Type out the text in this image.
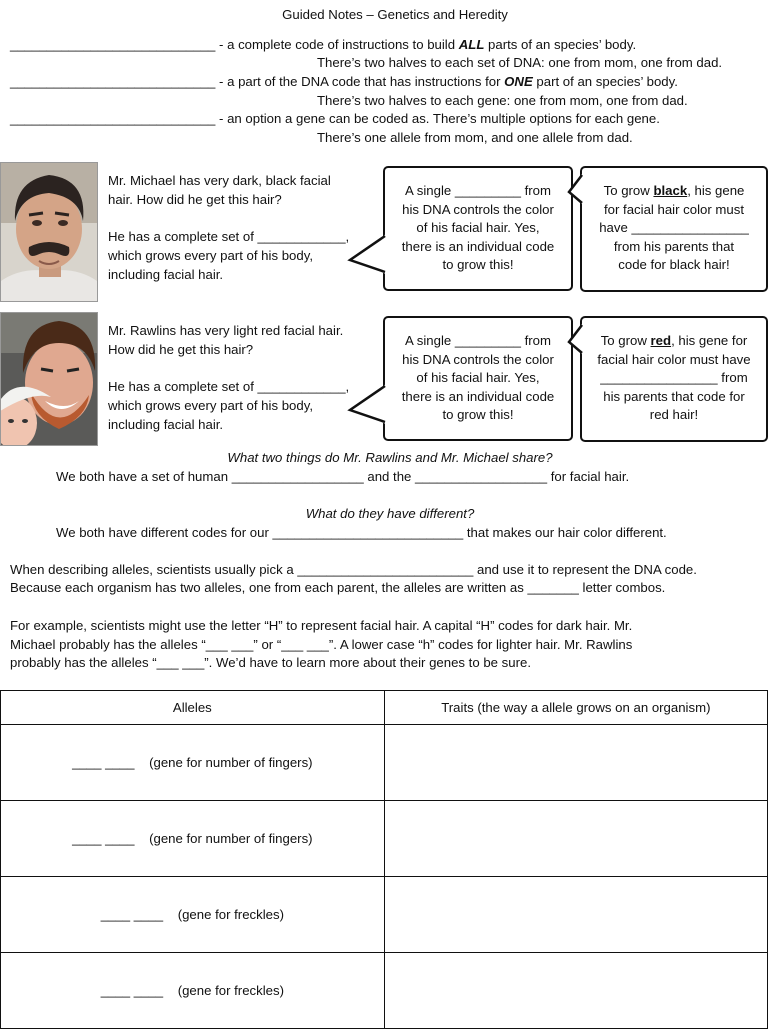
Guided Notes – Genetics and Heredity
____________________________ - a complete code of instructions to build ALL parts of an species’ body.
There’s two halves to each set of DNA: one from mom, one from dad.
____________________________ - a part of the DNA code that has instructions for ONE part of an species’ body.
There’s two halves to each gene: one from mom, one from dad.
____________________________ - an option a gene can be coded as. There’s multiple options for each gene.
There’s one allele from mom, and one allele from dad.
Mr. Michael has very dark, black facial
hair. How did he get this hair?
He has a complete set of ____________,
which grows every part of his body,
including facial hair.
A single _________ from
his DNA controls the color
of his facial hair. Yes,
there is an individual code
to grow this!
To grow black, his gene
for facial hair color must
have ________________
from his parents that
code for black hair!
Mr. Rawlins has very light red facial hair.
How did he get this hair?
He has a complete set of ____________,
which grows every part of his body,
including facial hair.
A single _________ from
his DNA controls the color
of his facial hair. Yes,
there is an individual code
to grow this!
To grow red, his gene for
facial hair color must have
________________ from
his parents that code for
red hair!
What two things do Mr. Rawlins and Mr. Michael share?
We both have a set of human __________________ and the __________________ for facial hair.
What do they have different?
We both have different codes for our __________________________ that makes our hair color different.
When describing alleles, scientists usually pick a ________________________ and use it to represent the DNA code.
Because each organism has two alleles, one from each parent, the alleles are written as _______ letter combos.
For example, scientists might use the letter “H” to represent facial hair. A capital “H” codes for dark hair. Mr.
Michael probably has the alleles “___ ___” or “___ ___”. A lower case “h” codes for lighter hair. Mr. Rawlins
probably has the alleles “___ ___”. We’d have to learn more about their genes to be sure.
Alleles	Traits (the way a allele grows on an organism)
____ ____    (gene for number of fingers)	
____ ____    (gene for number of fingers)	
____ ____    (gene for freckles)	
____ ____    (gene for freckles)	
